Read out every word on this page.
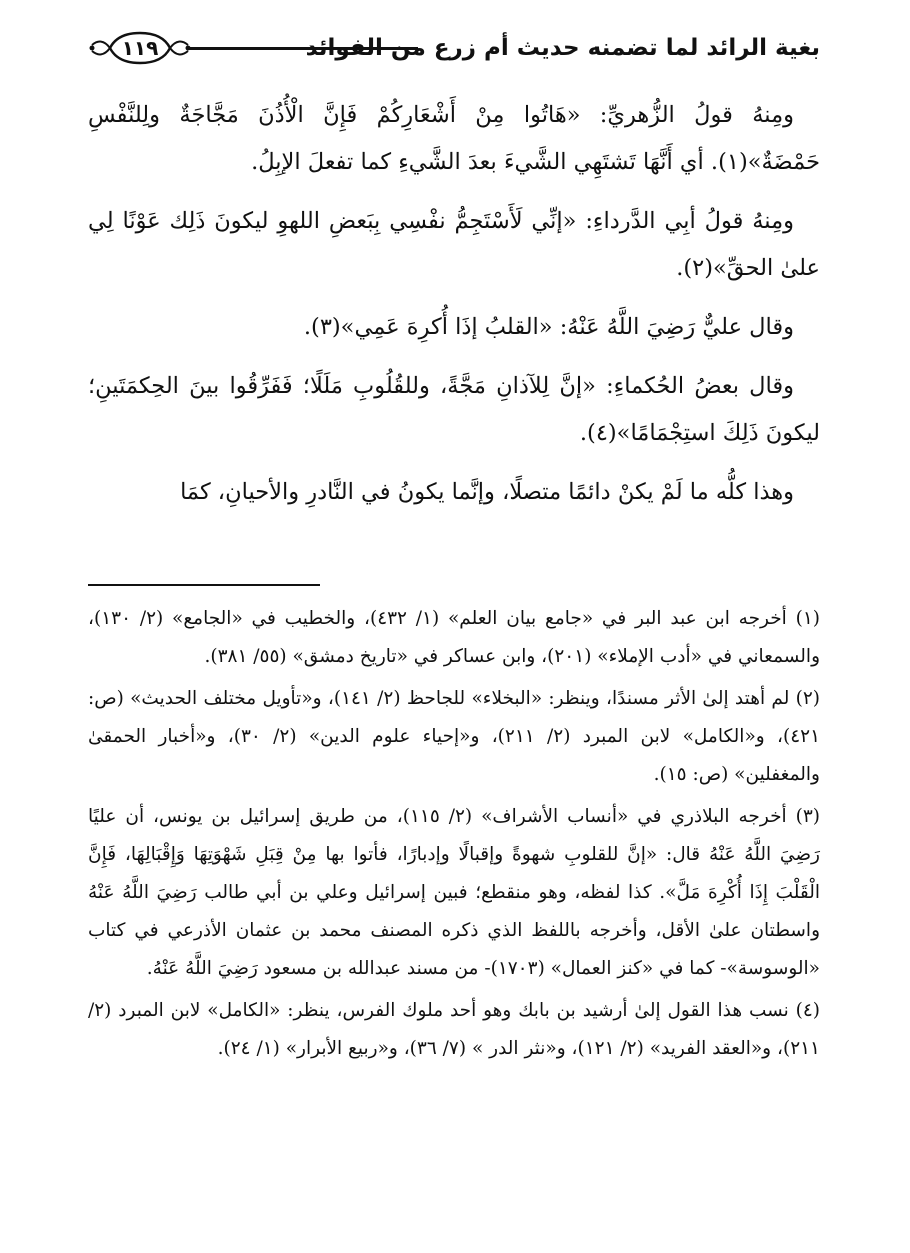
بغية الرائد لما تضمنه حديث أم زرع من الفوائد
١١٩

ومِنهُ قولُ الزُّهريِّ: «هَاتُوا مِنْ أَشْعَارِكُمْ فَإِنَّ الْأُذُنَ مَجَّاجَةٌ ولِلنَّفْسِ حَمْضَةٌ»(١). أي أَنَّهَا تَشتَهِي الشَّيءَ بعدَ الشَّيءِ كما تفعلَ الإبِلُ.

ومِنهُ قولُ أبِي الدَّرداءِ: «إنِّي لَأَسْتَجِمُّ نفْسِي بِبَعضِ اللهوِ ليكونَ ذَلِك عَوْنًا لِي علىٰ الحقِّ»(٢).

وقال عليٌّ رَضِيَ اللَّهُ عَنْهُ: «القلبُ إذَا أُكرِهَ عَمِي»(٣).

وقال بعضُ الحُكماءِ: «إنَّ لِلآذانِ مَجَّةً، وللقُلُوبِ مَلَلًا؛ فَفَرِّقُوا بينَ الحِكمَتَينِ؛ ليكونَ ذَلِكَ استِجْمَامًا»(٤).

وهذا كلُّه ما لَمْ يكنْ دائمًا متصلًا، وإنَّما يكونُ في النَّادرِ والأحيانِ، كمَا

(١) أخرجه ابن عبد البر في «جامع بيان العلم» (١/ ٤٣٢)، والخطيب في «الجامع» (٢/ ١٣٠)، والسمعاني في «أدب الإملاء» (٢٠١)، وابن عساكر في «تاريخ دمشق» (٥٥/ ٣٨١).

(٢) لم أهتد إلىٰ الأثر مسندًا، وينظر: «البخلاء» للجاحظ (٢/ ١٤١)، و«تأويل مختلف الحديث» (ص: ٤٢١)، و«الكامل» لابن المبرد (٢/ ٢١١)، و«إحياء علوم الدين» (٢/ ٣٠)، و«أخبار الحمقىٰ والمغفلين» (ص: ١٥).

(٣) أخرجه البلاذري في «أنساب الأشراف» (٢/ ١١٥)، من طريق إسرائيل بن يونس، أن عليًا رَضِيَ اللَّهُ عَنْهُ قال: «إنَّ للقلوبِ شهوةً وإقبالًا وإدبارًا، فأتوا بها مِنْ قِبَلِ شَهْوَتِهَا وَإِقْبَالِهَا، فَإِنَّ الْقَلْبَ إِذَا أُكْرِهَ مَلَّ». كذا لفظه، وهو منقطع؛ فبين إسرائيل وعلي بن أبي طالب رَضِيَ اللَّهُ عَنْهُ واسطتان علىٰ الأقل، وأخرجه باللفظ الذي ذكره المصنف محمد بن عثمان الأذرعي في كتاب «الوسوسة»- كما في «كنز العمال» (١٧٠٣)- من مسند عبدالله بن مسعود رَضِيَ اللَّهُ عَنْهُ.

(٤) نسب هذا القول إلىٰ أرشيد بن بابك وهو أحد ملوك الفرس، ينظر: «الكامل» لابن المبرد (٢/ ٢١١)، و«العقد الفريد» (٢/ ١٢١)، و«نثر الدر » (٧/ ٣٦)، و«ربيع الأبرار» (١/ ٢٤).
